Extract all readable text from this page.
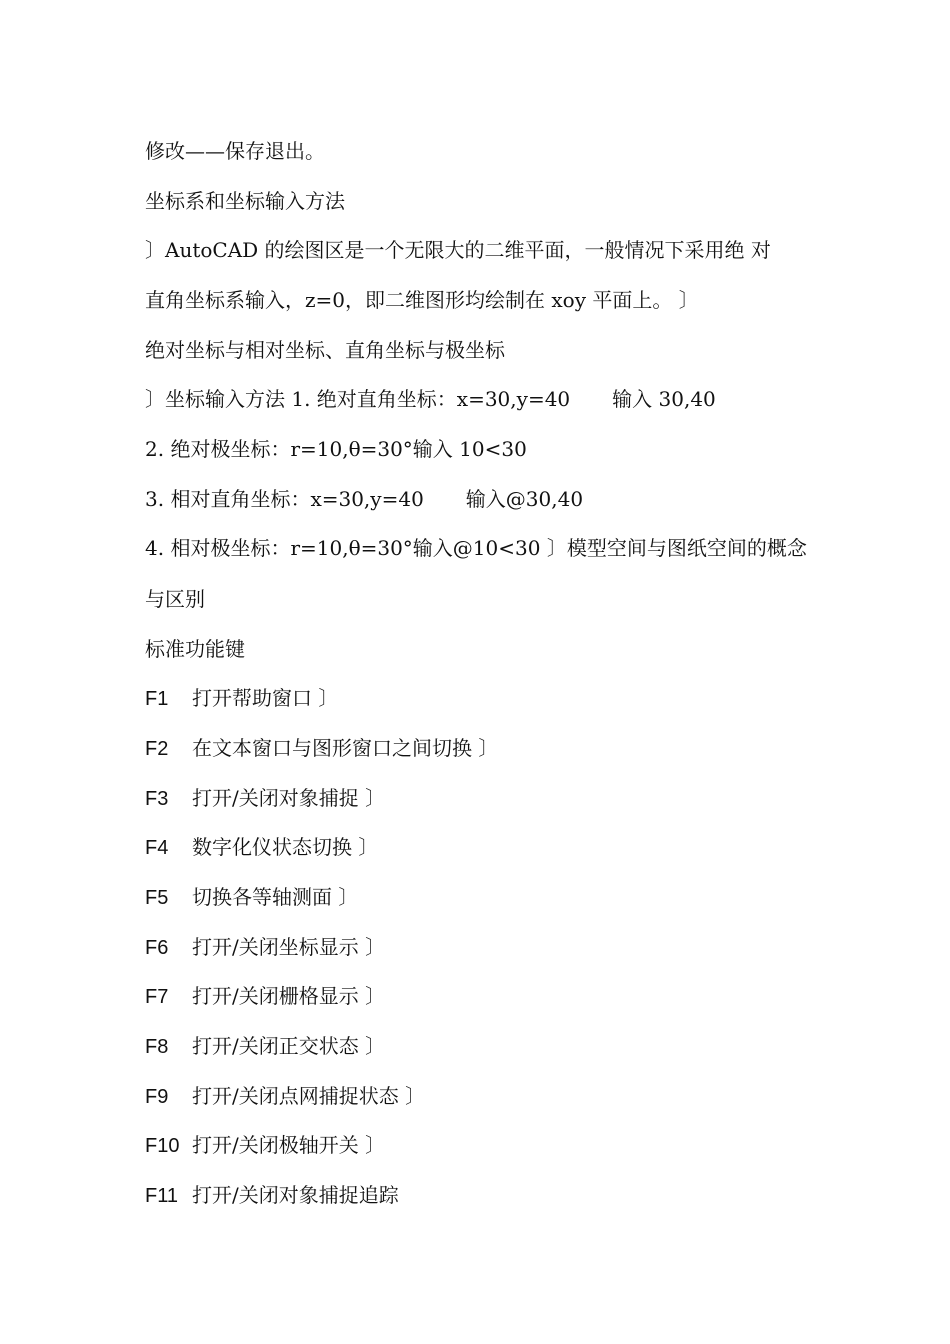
修改——保存退出。
坐标系和坐标输入方法
〕AutoCAD 的绘图区是一个无限大的二维平面，一般情况下采用绝 对
直角坐标系输入，z=0，即二维图形均绘制在 xoy 平面上。 〕
绝对坐标与相对坐标、直角坐标与极坐标
〕坐标输入方法 1. 绝对直角坐标：x=30,y=40 输入 30,40
2. 绝对极坐标：r=10,θ=30°输入 10<30
3. 相对直角坐标：x=30,y=40 输入@30,40
4. 相对极坐标：r=10,θ=30°输入@10<30 〕模型空间与图纸空间的概念
与区别
标准功能键
F1 打开帮助窗口 〕
F2 在文本窗口与图形窗口之间切换 〕
F3 打开/关闭对象捕捉 〕
F4 数字化仪状态切换 〕
F5 切换各等轴测面 〕
F6 打开/关闭坐标显示 〕
F7 打开/关闭栅格显示 〕
F8 打开/关闭正交状态 〕
F9 打开/关闭点网捕捉状态 〕
F10 打开/关闭极轴开关 〕
F11 打开/关闭对象捕捉追踪
